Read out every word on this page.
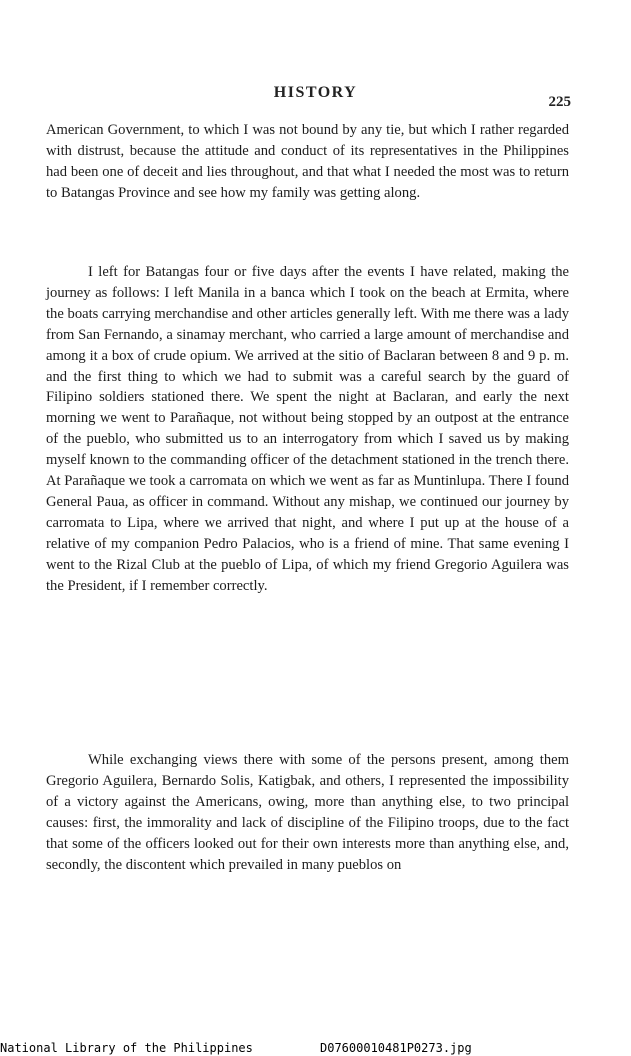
HISTORY
225

American Government, to which I was not bound by any tie, but which I rather regarded with distrust, because the attitude and conduct of its representatives in the Philippines had been one of deceit and lies throughout, and that what I needed the most was to return to Batangas Province and see how my family was getting along.

I left for Batangas four or five days after the events I have related, making the journey as follows: I left Manila in a banca which I took on the beach at Ermita, where the boats carrying merchandise and other articles generally left. With me there was a lady from San Fernando, a sinamay merchant, who carried a large amount of merchandise and among it a box of crude opium. We arrived at the sitio of Baclaran between 8 and 9 p. m. and the first thing to which we had to submit was a careful search by the guard of Filipino soldiers stationed there. We spent the night at Baclaran, and early the next morning we went to Parañaque, not without being stopped by an outpost at the entrance of the pueblo, who submitted us to an interrogatory from which I saved us by making myself known to the commanding officer of the detachment stationed in the trench there. At Parañaque we took a carromata on which we went as far as Muntinlupa. There I found General Paua, as officer in command. Without any mishap, we continued our journey by carromata to Lipa, where we arrived that night, and where I put up at the house of a relative of my companion Pedro Palacios, who is a friend of mine. That same evening I went to the Rizal Club at the pueblo of Lipa, of which my friend Gregorio Aguilera was the President, if I remember correctly.

While exchanging views there with some of the persons present, among them Gregorio Aguilera, Bernardo Solis, Katigbak, and others, I represented the impossibility of a victory against the Americans, owing, more than anything else, to two principal causes: first, the immorality and lack of discipline of the Filipino troops, due to the fact that some of the officers looked out for their own interests more than anything else, and, secondly, the discontent which prevailed in many pueblos on

National Library of the Philippines	D07600010481P0273.jpg
